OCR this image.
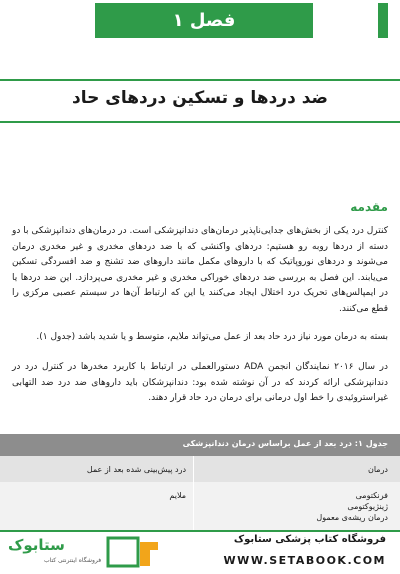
فصل ۱
ضد دردها و تسکین دردهای حاد
مقدمه

کنترل درد یکی از بخش‌های جدایی‌ناپذیر درمان‌های دندانپزشکی است. در درمان‌های دندانپزشکی با دو دسته از دردها روبه رو هستیم: دردهای واکنشی که با ضد دردهای مخدری و غیر مخدری درمان می‌شوند و دردهای نوروپاتیک که با داروهای مکمل مانند داروهای ضد تشنج و ضد افسردگی تسکین می‌یابند. این فصل به بررسی ضد دردهای خوراکی مخدری و غیر مخدری می‌پردازد. این ضد دردها یا در ایمپالس‌های تحریک درد اختلال ایجاد می‌کنند یا این که ارتباط آن‌ها در سیستم عصبی مرکزی را قطع می‌کنند.

بسته به درمان مورد نیاز درد حاد بعد از عمل می‌تواند ملایم، متوسط و یا شدید باشد (جدول ۱).

در سال ۲۰۱۶ نمایندگان انجمن ADA دستورالعملی در ارتباط با کاربرد مخدرها در کنترل درد در دندانپزشکی ارائه کردند که در آن نوشته شده بود: دندانپزشکان باید داروهای ضد درد ضد التهابی غیراستروئیدی را خط اول درمانی برای درمان درد حاد قرار دهند.

جدول ۱: درد بعد از عمل براساس درمان دندانپزشکی
درمان
درد پیش‌بینی شده بعد از عمل
فرنکتومی
ژینژیوکتومی
درمان ریشه‌ی معمول
ملایم
فروشگاه کتاب پزشکی ستابوک
WWW.SETABOOK.COM
ستابوک
فروشگاه اینترنتی کتاب
